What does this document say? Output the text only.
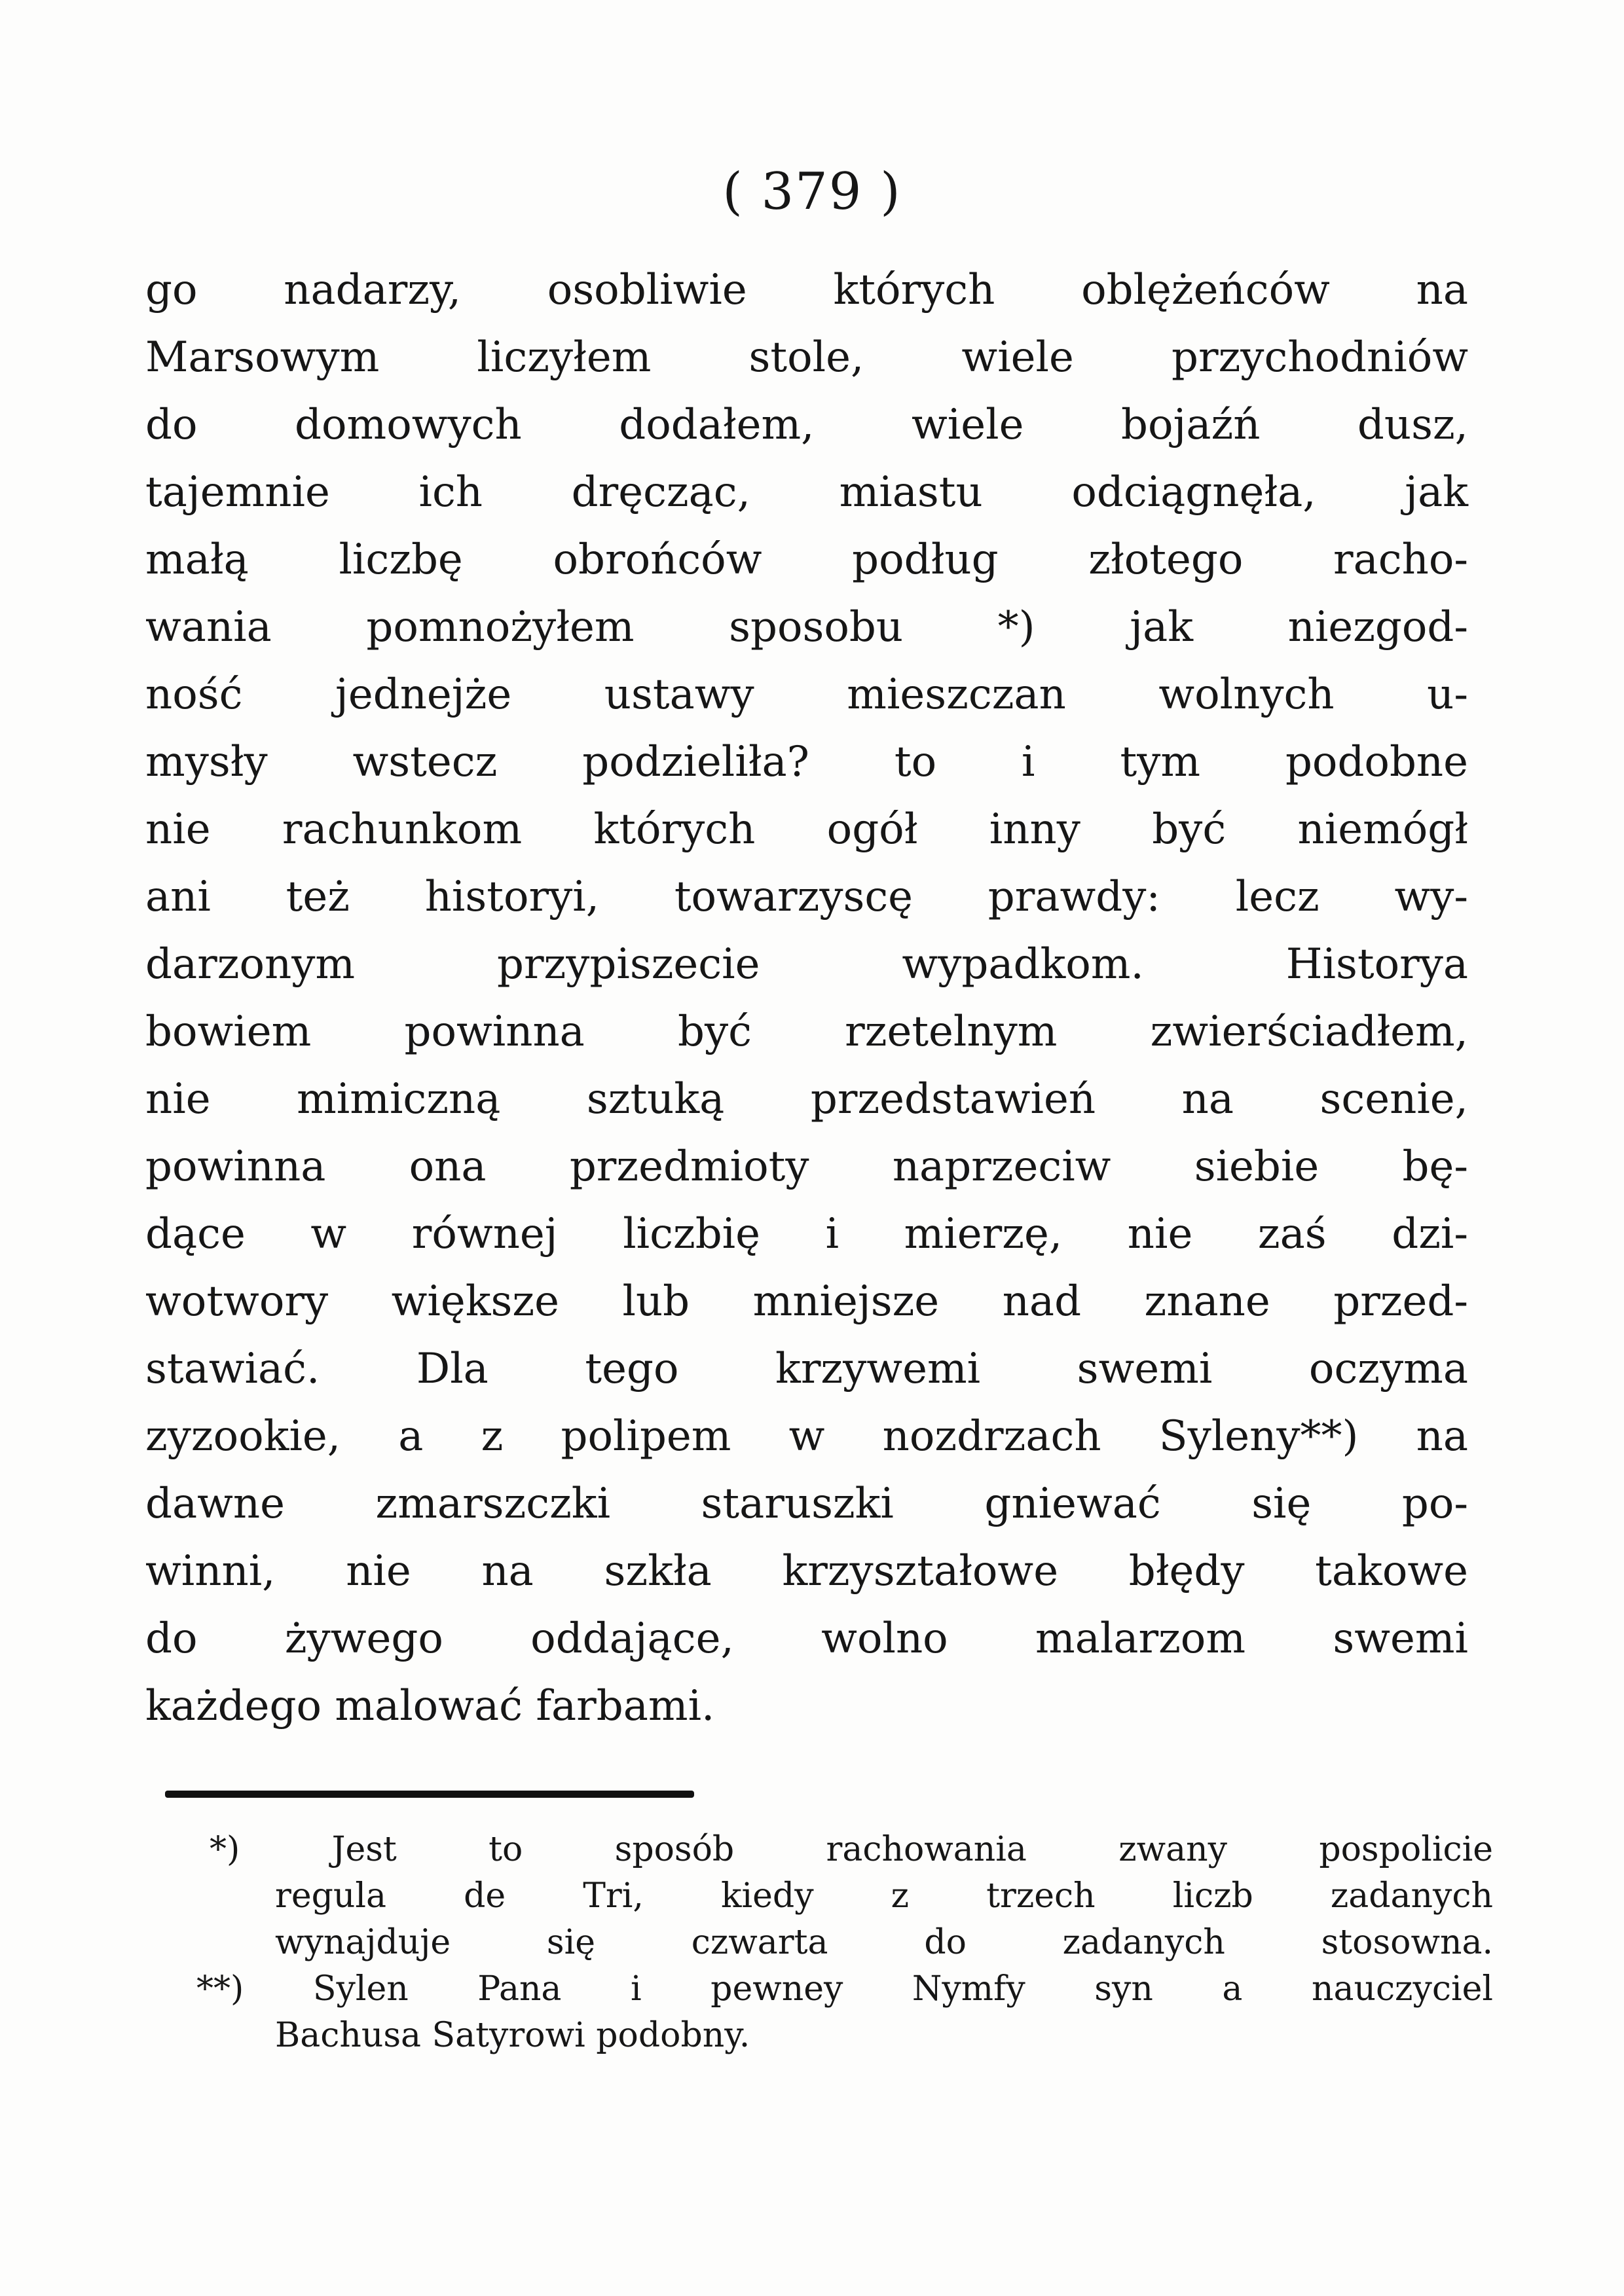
( 379 )
go nadarzy, osobliwie których oblężeńców na
Marsowym liczyłem stole, wiele przychodniów
do domowych dodałem, wiele bojaźń dusz,
tajemnie ich dręcząc, miastu odciągnęła, jak
małą liczbę obrońców podług złotego racho-
wania pomnożyłem sposobu *) jak niezgod-
ność jednejże ustawy mieszczan wolnych u-
mysły wstecz podzieliła? to i tym podobne
nie rachunkom których ogół inny być niemógł
ani też historyi, towarzyscę prawdy: lecz wy-
darzonym przypiszecie wypadkom. Historya
bowiem powinna być rzetelnym zwierściadłem,
nie mimiczną sztuką przedstawień na scenie,
powinna ona przedmioty naprzeciw siebie bę-
dące w równej liczbię i mierzę, nie zaś dzi-
wotwory większe lub mniejsze nad znane przed-
stawiać. Dla tego krzywemi swemi oczyma
zyzookie, a z polipem w nozdrzach Syleny**) na
dawne zmarszczki staruszki gniewać się po-
winni, nie na szkła krzyształowe błędy takowe
do żywego oddające, wolno malarzom swemi
każdego malować farbami.
*) Jest to sposób rachowania zwany pospolicie
regula de Tri, kiedy z trzech liczb zadanych
wynajduje się czwarta do zadanych stosowna.
**) Sylen Pana i pewney Nymfy syn a nauczyciel
Bachusa Satyrowi podobny.
